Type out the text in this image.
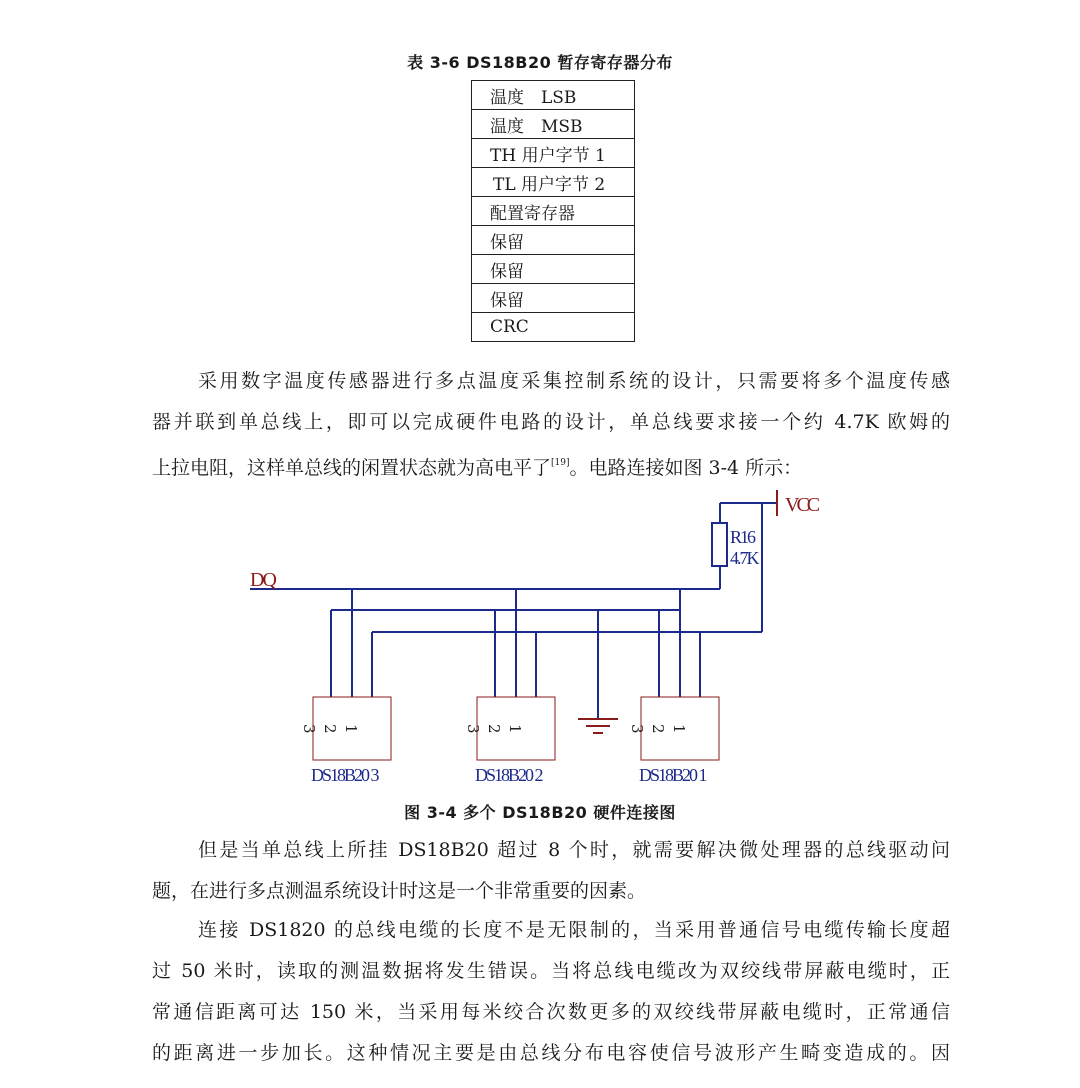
表 3-6 DS18B20 暂存寄存器分布
温度　LSB
温度　MSB
TH 用户字节 1
TL 用户字节 2
配置寄存器
保留
保留
保留
CRC
采用数字温度传感器进行多点温度采集控制系统的设计，只需要将多个温度传感
器并联到单总线上，即可以完成硬件电路的设计，单总线要求接一个约 4.7K 欧姆的
上拉电阻，这样单总线的闲置状态就为高电平了[19]。电路连接如图 3-4 所示：
1
2
3	1
2
3	1
2
3
DQ
VCC
R16
4.7K
DS18B20 3	DS18B20 2	DS18B20 1
图 3-4 多个 DS18B20 硬件连接图
但是当单总线上所挂 DS18B20 超过 8 个时，就需要解决微处理器的总线驱动问
题，在进行多点测温系统设计时这是一个非常重要的因素。
连接 DS1820 的总线电缆的长度不是无限制的，当采用普通信号电缆传输长度超
过 50 米时，读取的测温数据将发生错误。当将总线电缆改为双绞线带屏蔽电缆时，正
常通信距离可达 150 米，当采用每米绞合次数更多的双绞线带屏蔽电缆时，正常通信
的距离进一步加长。这种情况主要是由总线分布电容使信号波形产生畸变造成的。因
